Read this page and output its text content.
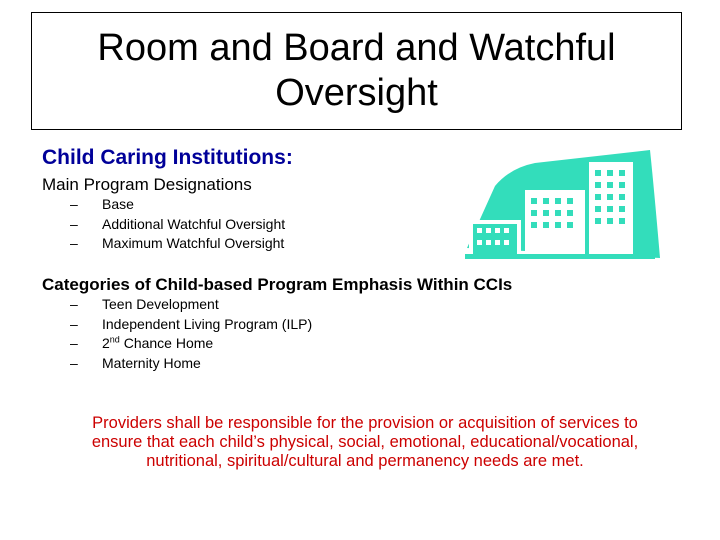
Room and Board and Watchful
Oversight
Child Caring Institutions:
Main Program Designations
–	Base
–	Additional Watchful Oversight
–	Maximum Watchful Oversight
Categories of Child-based Program Emphasis Within CCIs
–	Teen Development
–	Independent Living Program (ILP)
–	2nd Chance Home
–	Maternity Home
Providers shall be responsible for the provision or acquisition of services to
ensure that each child’s physical, social, emotional, educational/vocational,
nutritional, spiritual/cultural and permanency needs are met.
